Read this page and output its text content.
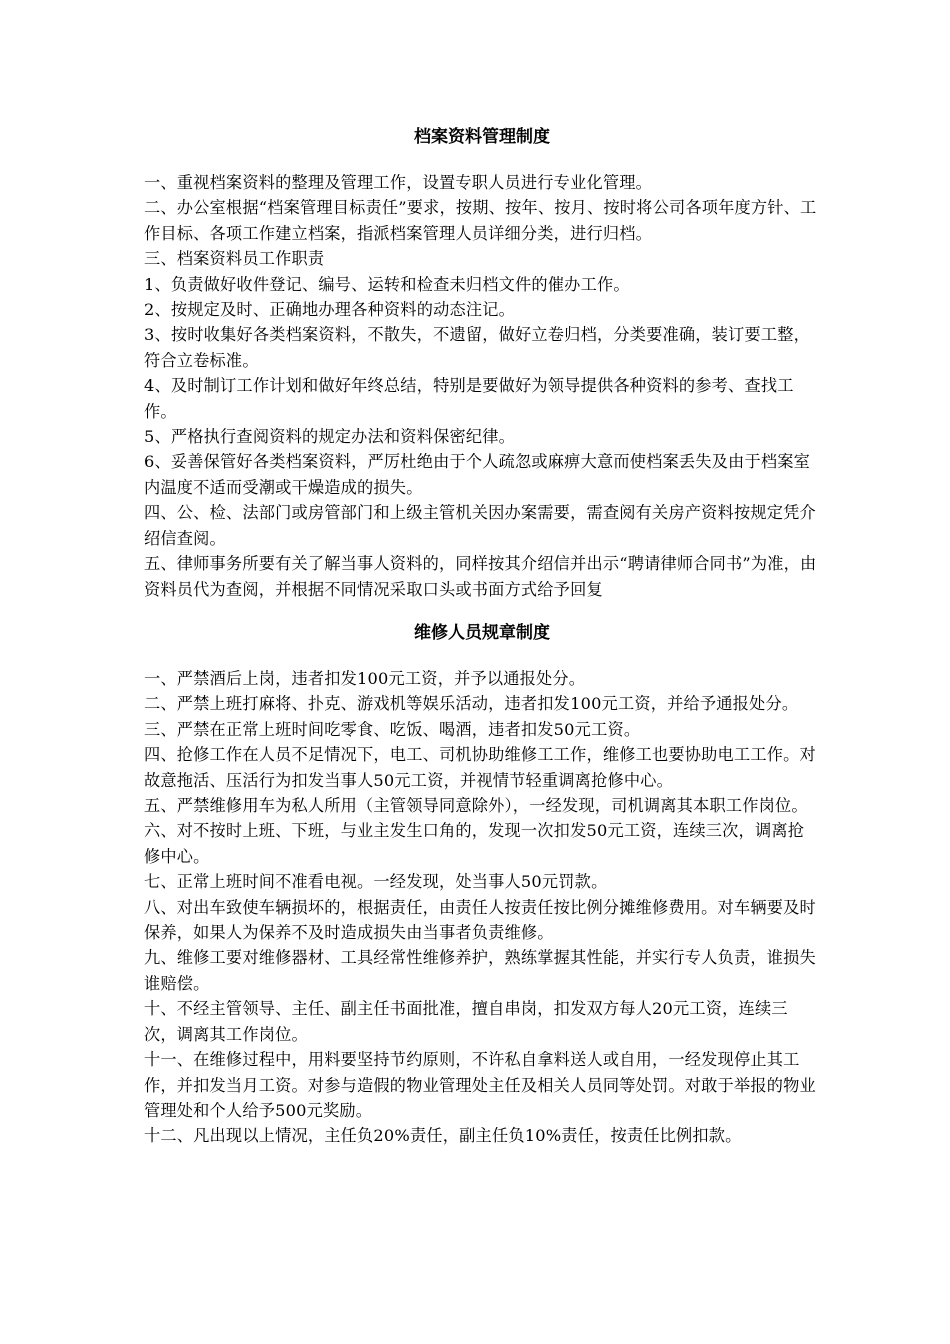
档案资料管理制度

一、重视档案资料的整理及管理工作，设置专职人员进行专业化管理。

二、办公室根据“档案管理目标责任”要求，按期、按年、按月、按时将公司各项年度方针、工作目标、各项工作建立档案，指派档案管理人员详细分类，进行归档。

三、档案资料员工作职责

1、负责做好收件登记、编号、运转和检查未归档文件的催办工作。

2、按规定及时、正确地办理各种资料的动态注记。

3、按时收集好各类档案资料，不散失，不遗留，做好立卷归档，分类要准确，装订要工整，符合立卷标准。

4、及时制订工作计划和做好年终总结，特别是要做好为领导提供各种资料的参考、查找工作。

5、严格执行查阅资料的规定办法和资料保密纪律。

6、妥善保管好各类档案资料，严厉杜绝由于个人疏忽或麻痹大意而使档案丢失及由于档案室内温度不适而受潮或干燥造成的损失。

四、公、检、法部门或房管部门和上级主管机关因办案需要，需查阅有关房产资料按规定凭介绍信查阅。

五、律师事务所要有关了解当事人资料的，同样按其介绍信并出示“聘请律师合同书”为准，由资料员代为查阅，并根据不同情况采取口头或书面方式给予回复

维修人员规章制度

一、严禁酒后上岗，违者扣发100元工资，并予以通报处分。

二、严禁上班打麻将、扑克、游戏机等娱乐活动，违者扣发100元工资，并给予通报处分。

三、严禁在正常上班时间吃零食、吃饭、喝酒，违者扣发50元工资。

四、抢修工作在人员不足情况下，电工、司机协助维修工工作，维修工也要协助电工工作。对故意拖活、压活行为扣发当事人50元工资，并视情节轻重调离抢修中心。

五、严禁维修用车为私人所用（主管领导同意除外），一经发现，司机调离其本职工作岗位。

六、对不按时上班、下班，与业主发生口角的，发现一次扣发50元工资，连续三次，调离抢修中心。

七、正常上班时间不准看电视。一经发现，处当事人50元罚款。

八、对出车致使车辆损坏的，根据责任，由责任人按责任按比例分摊维修费用。对车辆要及时保养，如果人为保养不及时造成损失由当事者负责维修。

九、维修工要对维修器材、工具经常性维修养护，熟练掌握其性能，并实行专人负责，谁损失谁赔偿。

十、不经主管领导、主任、副主任书面批准，擅自串岗，扣发双方每人20元工资，连续三次，调离其工作岗位。

十一、在维修过程中，用料要坚持节约原则，不许私自拿料送人或自用，一经发现停止其工作，并扣发当月工资。对参与造假的物业管理处主任及相关人员同等处罚。对敢于举报的物业管理处和个人给予500元奖励。

十二、凡出现以上情况，主任负20%责任，副主任负10%责任，按责任比例扣款。
